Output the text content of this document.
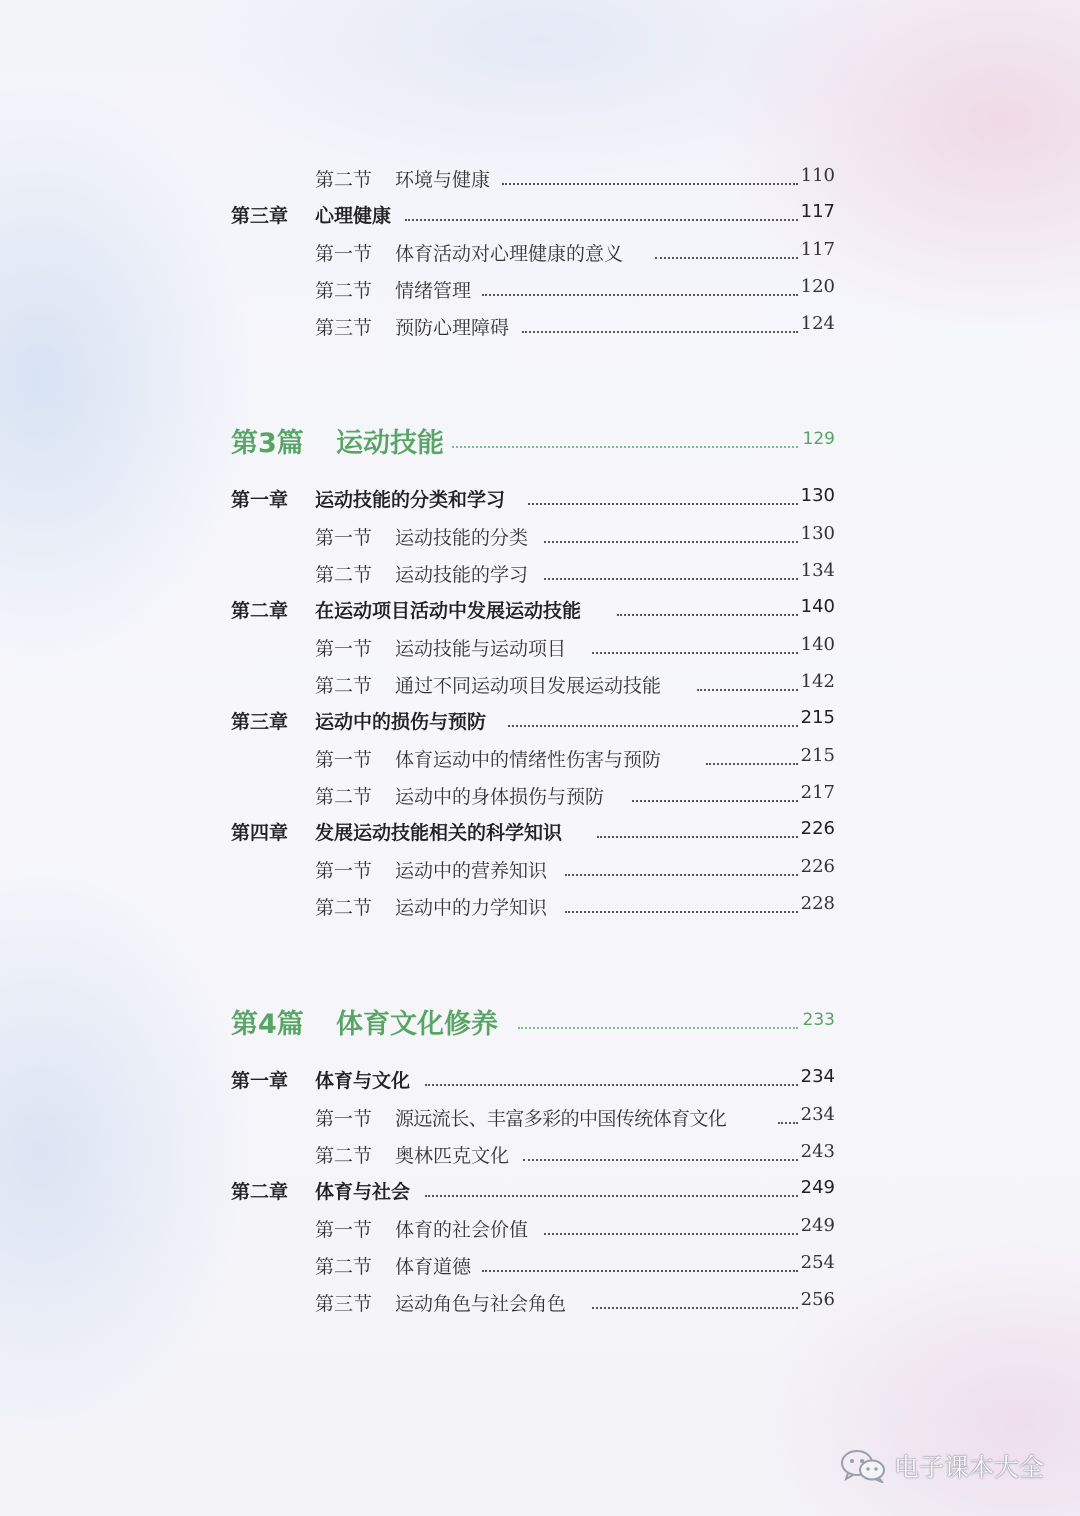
第二节 环境与健康	110
第三章 心理健康	117
第一节 体育活动对心理健康的意义	117
第二节 情绪管理	120
第三节 预防心理障碍	124
第3篇 运动技能	129
第一章 运动技能的分类和学习	130
第一节 运动技能的分类	130
第二节 运动技能的学习	134
第二章 在运动项目活动中发展运动技能	140
第一节 运动技能与运动项目	140
第二节 通过不同运动项目发展运动技能	142
第三章 运动中的损伤与预防	215
第一节 体育运动中的情绪性伤害与预防	215
第二节 运动中的身体损伤与预防	217
第四章 发展运动技能相关的科学知识	226
第一节 运动中的营养知识	226
第二节 运动中的力学知识	228
第4篇 体育文化修养	233
第一章 体育与文化	234
第一节 源远流长、丰富多彩的中国传统体育文化	234
第二节 奥林匹克文化	243
第二章 体育与社会	249
第一节 体育的社会价值	249
第二节 体育道德	254
第三节 运动角色与社会角色	256
电子课本大全
